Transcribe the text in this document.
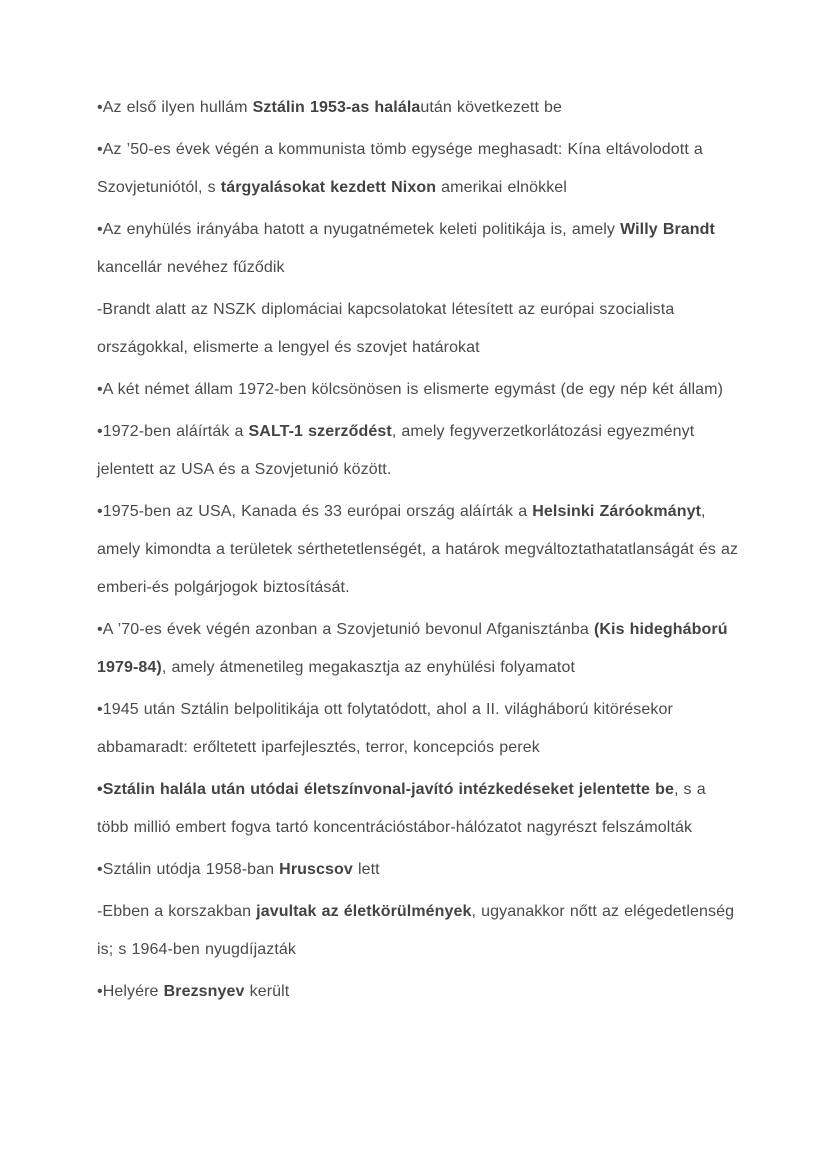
•Az első ilyen hullám Sztálin 1953-as halálaután következett be

•Az ’50-es évek végén a kommunista tömb egysége meghasadt: Kína eltávolodott a Szovjetuniótól, s tárgyalásokat kezdett Nixon amerikai elnökkel

•Az enyhülés irányába hatott a nyugatnémetek keleti politikája is, amely Willy Brandt kancellár nevéhez fűződik

-Brandt alatt az NSZK diplomáciai kapcsolatokat létesített az európai szocialista országokkal, elismerte a lengyel és szovjet határokat

•A két német állam 1972-ben kölcsönösen is elismerte egymást (de egy nép két állam)

•1972-ben aláírták a SALT-1 szerződést, amely fegyverzetkorlátozási egyezményt jelentett az USA és a Szovjetunió között.

•1975-ben az USA, Kanada és 33 európai ország aláírták a Helsinki Záróokmányt, amely kimondta a területek sérthetetlenségét, a határok megváltoztathatatlanságát és az emberi-és polgárjogok biztosítását.

•A ’70-es évek végén azonban a Szovjetunió bevonul Afganisztánba (Kis hidegháború 1979-84), amely átmenetileg megakasztja az enyhülési folyamatot

•1945 után Sztálin belpolitikája ott folytatódott, ahol a II. világháború kitörésekor abbamaradt: erőltetett iparfejlesztés, terror, koncepciós perek

•Sztálin halála után utódai életszínvonal-javító intézkedéseket jelentette be, s a több millió embert fogva tartó koncentrációstábor-hálózatot nagyrészt felszámolták

•Sztálin utódja 1958-ban Hruscsov lett

-Ebben a korszakban javultak az életkörülmények, ugyanakkor nőtt az elégedetlenség is; s 1964-ben nyugdíjazták

•Helyére Brezsnyev került
